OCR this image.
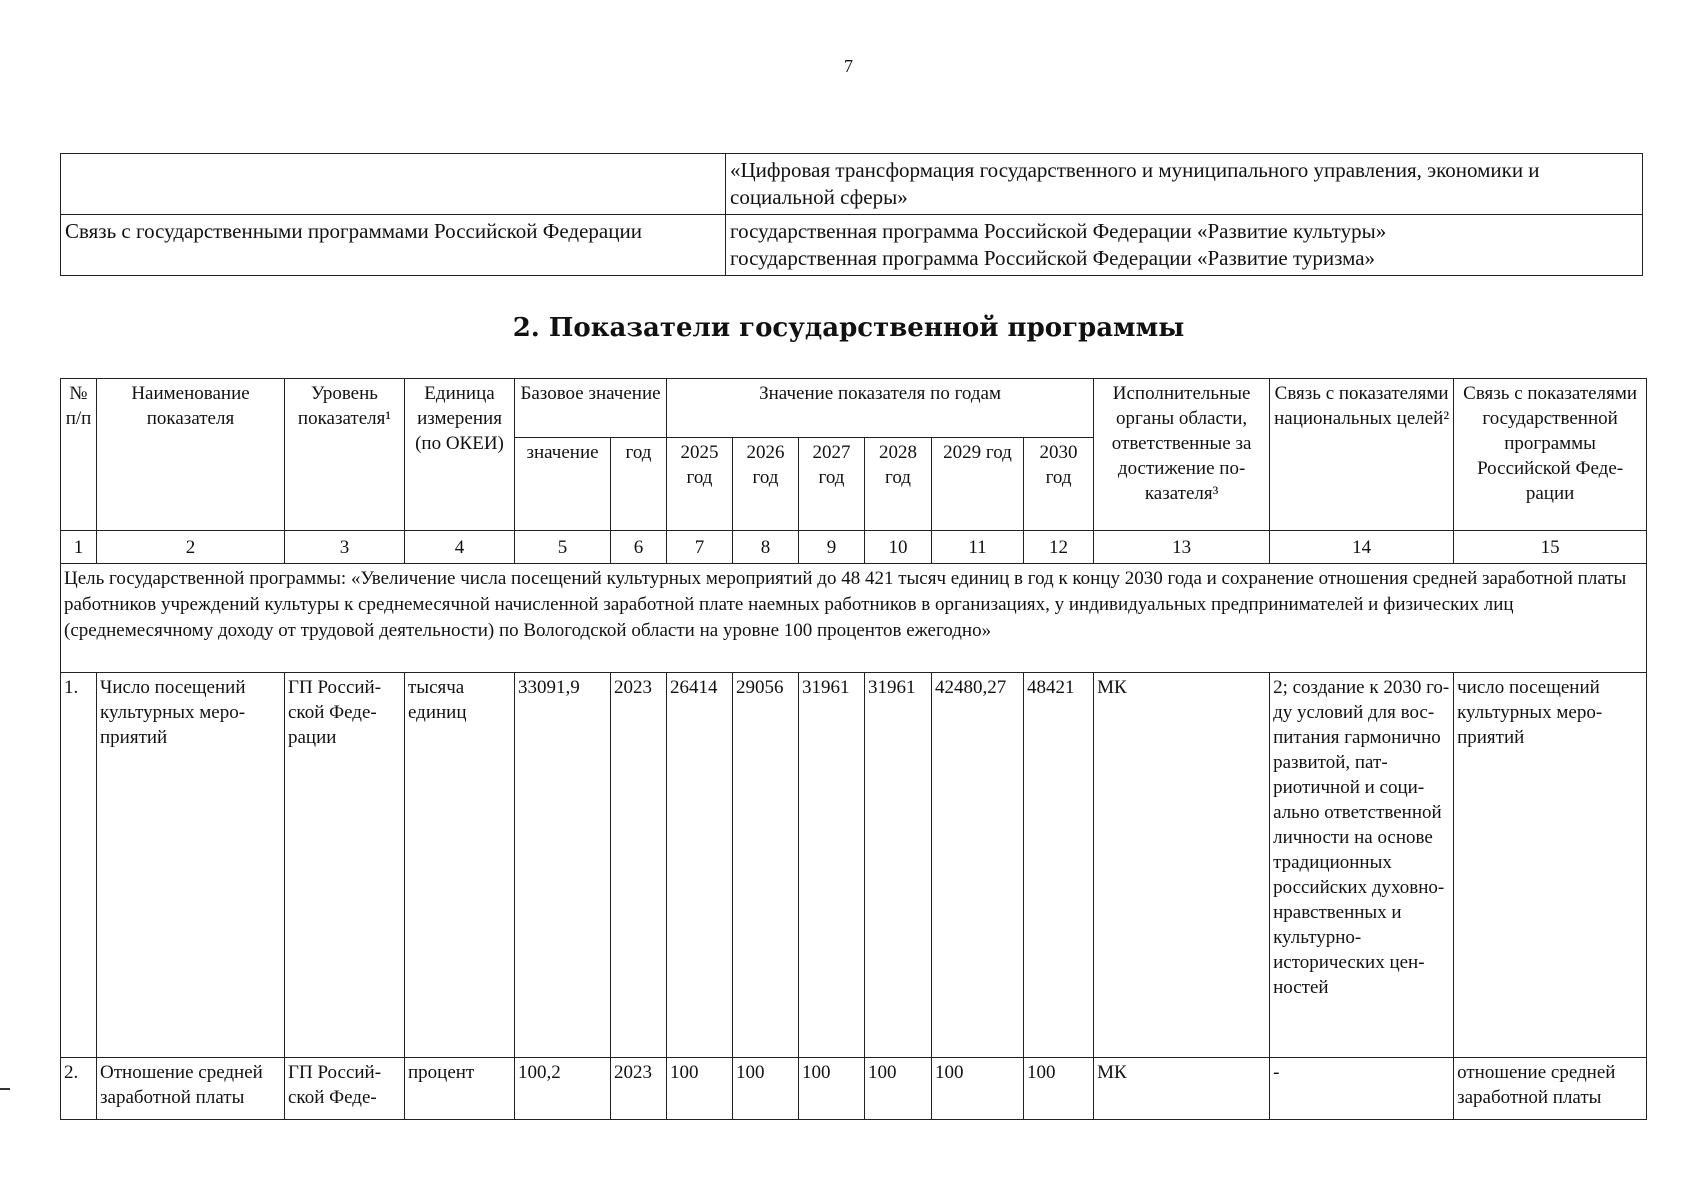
7
	«Цифровая трансформация государственного и муниципального управления, экономики и социальной сферы»
Связь с государственными программами Российской Федерации	государственная программа Российской Федерации «Развитие культуры»
государственная программа Российской Федерации «Развитие туризма»
2. Показатели государственной программы
№ п/п	Наименование показателя	Уровень показателя¹	Единица измерения (по ОКЕИ)	Базовое значение		Значение показателя по годам						Исполнительные органы области, ответственные за достижение показателя³	Связь с показателями национальных целей²	Связь с показателями государственной программы Российской Федерации
				значение	год	2025 год	2026 год	2027 год	2028 год	2029 год	2030 год			
1	2	3	4	5	6	7	8	9	10	11	12	13	14	15
Цель государственной программы: «Увеличение числа посещений культурных мероприятий до 48 421 тысяч единиц в год к концу 2030 года и сохранение отношения средней заработной платы работников учреждений культуры к среднемесячной начисленной заработной плате наемных работников в организациях, у индивидуальных предпринимателей и физических лиц (среднемесячному доходу от трудовой деятельности) по Вологодской области на уровне 100 процентов ежегодно»														
1.	Число посещений культурных мероприятий	ГП Российской Федерации	тысяча единиц	33091,9	2023	26414	29056	31961	31961	42480,27	48421	МК	2; создание к 2030 году условий для воспитания гармонично развитой, патриотичной и социально ответственной личности на основе традиционных российских духовно-нравственных и культурно-исторических ценностей	число посещений культурных мероприятий
2.	Отношение средней заработной платы	ГП Российской Феде-	процент	100,2	2023	100	100	100	100	100	100	МК	-	отношение средней заработной платы
